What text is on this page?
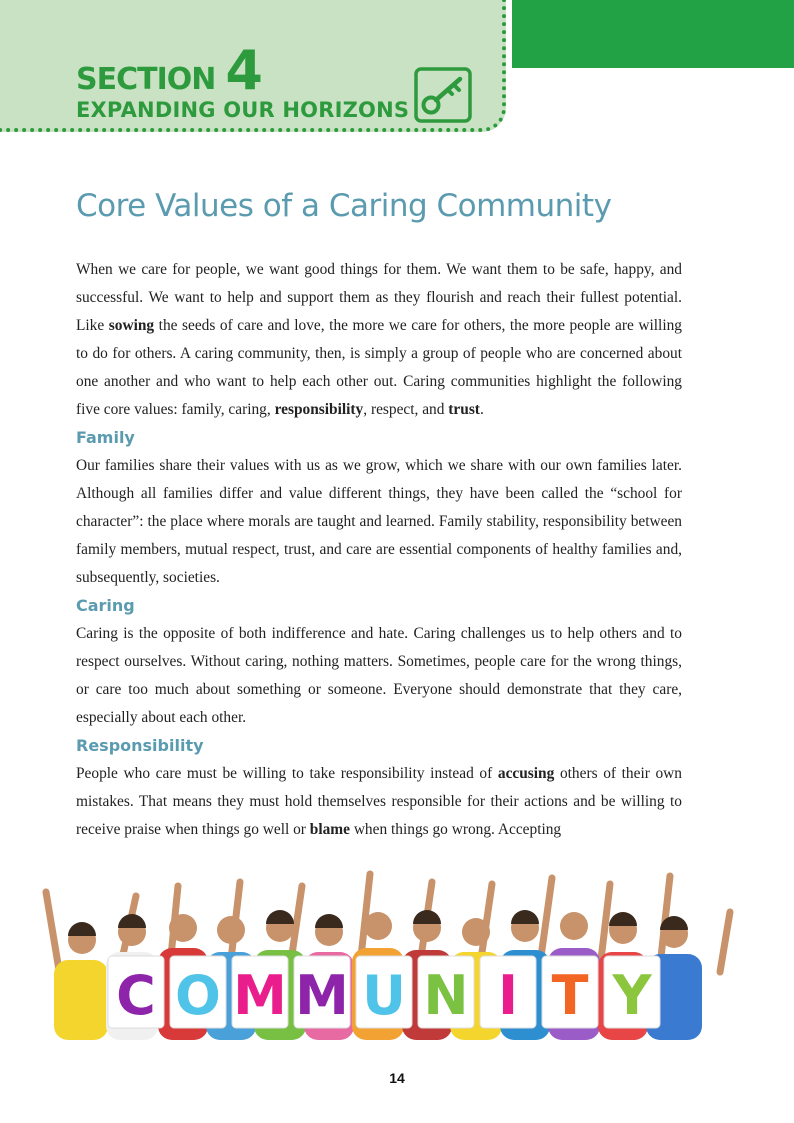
SECTION 4
EXPANDING OUR HORIZONS
Core Values of a Caring Community

When we care for people, we want good things for them. We want them to be safe, happy, and successful. We want to help and support them as they flourish and reach their fullest potential. Like sowing the seeds of care and love, the more we care for others, the more people are willing to do for others. A caring community, then, is simply a group of people who are concerned about one another and who want to help each other out. Caring communities highlight the following five core values: family, caring, responsibility, respect, and trust.

Family

Our families share their values with us as we grow, which we share with our own families later. Although all families differ and value different things, they have been called the “school for character”: the place where morals are taught and learned. Family stability, responsibility between family members, mutual respect, trust, and care are essential components of healthy families and, subsequently, societies.

Caring

Caring is the opposite of both indifference and hate. Caring challenges us to help others and to respect ourselves. Without caring, nothing matters. Sometimes, people care for the wrong things, or care too much about something or someone. Everyone should demonstrate that they care, especially about each other.

Responsibility

People who care must be willing to take responsibility instead of accusing others of their own mistakes. That means they must hold themselves responsible for their actions and be willing to receive praise when things go well or blame when things go wrong. Accepting

C O M M U N I T Y
14
